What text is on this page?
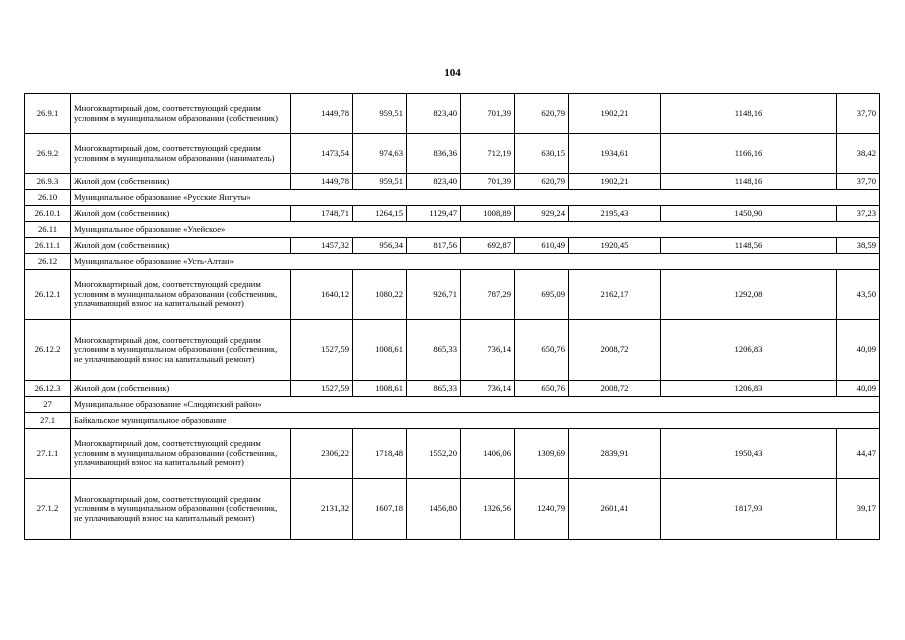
104
26.9.1	Многоквартирный дом, соответствующий средним условиям в муниципальном образовании (собственник)	1449,78	959,51	823,40	701,39	620,79	1902,21	1148,16	37,70
26.9.2	Многоквартирный дом, соответствующий средним условиям в муниципальном образовании (наниматель)	1473,54	974,63	836,36	712,19	630,15	1934,61	1166,16	38,42
26.9.3	Жилой дом (собственник)	1449,78	959,51	823,40	701,39	620,79	1902,21	1148,16	37,70
26.10	Муниципальное образование «Русские Янгуты»								
26.10.1	Жилой дом (собственник)	1748,71	1264,15	1129,47	1008,89	929,24	2195,43	1450,90	37,23
26.11	Муниципальное образование «Улейское»								
26.11.1	Жилой дом (собственник)	1457,32	956,34	817,56	692,87	610,49	1920,45	1148,56	38,59
26.12	Муниципальное образование «Усть-Алтан»								
26.12.1	Многоквартирный дом, соответствующий средним условиям в муниципальном образовании (собственник, уплачивающий взнос на капитальный ремонт)	1640,12	1080,22	926,71	787,29	695,09	2162,17	1292,08	43,50
26.12.2	Многоквартирный дом, соответствующий средним условиям в муниципальном образовании (собственник, не уплачивающий взнос на капитальный ремонт)	1527,59	1008,61	865,33	736,14	650,76	2008,72	1206,83	40,09
26.12.3	Жилой дом (собственник)	1527,59	1008,61	865,33	736,14	650,76	2008,72	1206,83	40,09
27	Муниципальное образование «Слюдянский район»								
27.1	Байкальское муниципальное образование								
27.1.1	Многоквартирный дом, соответствующий средним условиям в муниципальном образовании (собственник, уплачивающий взнос на капитальный ремонт)	2306,22	1718,48	1552,20	1406,06	1309,69	2839,91	1950,43	44,47
27.1.2	Многоквартирный дом, соответствующий средним условиям в муниципальном образовании (собственник, не уплачивающий взнос на капитальный ремонт)	2131,32	1607,18	1456,80	1326,56	1240,79	2601,41	1817,93	39,17
